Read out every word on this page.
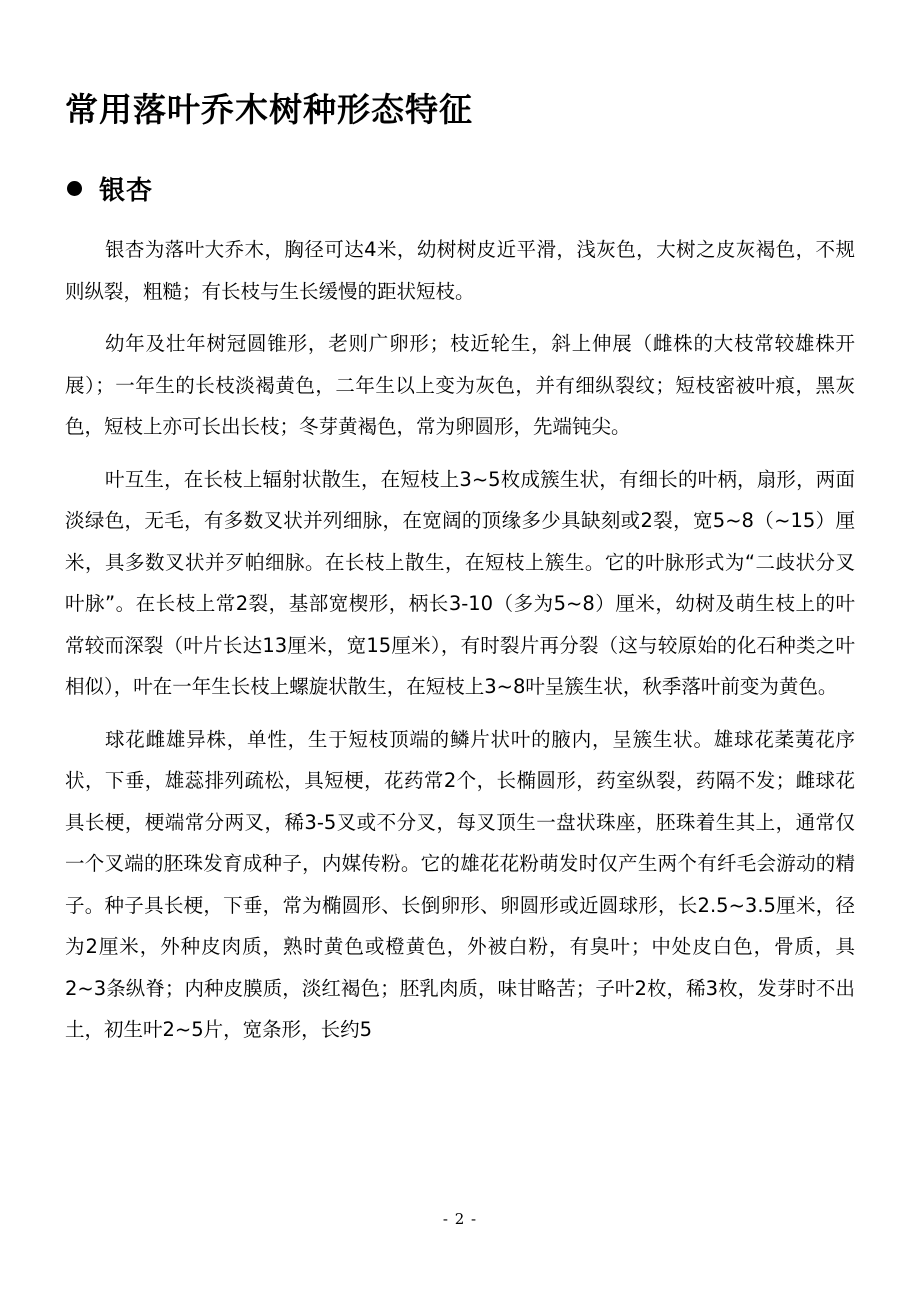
常用落叶乔木树种形态特征
银杏

银杏为落叶大乔木，胸径可达4米，幼树树皮近平滑，浅灰色，大树之皮灰褐色，不规则纵裂，粗糙；有长枝与生长缓慢的距状短枝。

幼年及壮年树冠圆锥形，老则广卵形；枝近轮生，斜上伸展（雌株的大枝常较雄株开展）；一年生的长枝淡褐黄色，二年生以上变为灰色，并有细纵裂纹；短枝密被叶痕，黑灰色，短枝上亦可长出长枝；冬芽黄褐色，常为卵圆形，先端钝尖。

叶互生，在长枝上辐射状散生，在短枝上3~5枚成簇生状，有细长的叶柄，扇形，两面淡绿色，无毛，有多数叉状并列细脉，在宽阔的顶缘多少具缺刻或2裂，宽5~8（~15）厘米，具多数叉状并歹帕细脉。在长枝上散生，在短枝上簇生。它的叶脉形式为“二歧状分叉叶脉”。在长枝上常2裂，基部宽楔形，柄长3-10（多为5~8）厘米，幼树及萌生枝上的叶常较而深裂（叶片长达13厘米，宽15厘米），有时裂片再分裂（这与较原始的化石种类之叶相似），叶在一年生长枝上螺旋状散生，在短枝上3~8叶呈簇生状，秋季落叶前变为黄色。

球花雌雄异株，单性，生于短枝顶端的鳞片状叶的腋内，呈簇生状。雄球花葇荑花序状，下垂，雄蕊排列疏松，具短梗，花药常2个，长椭圆形，药室纵裂，药隔不发；雌球花具长梗，梗端常分两叉，稀3-5叉或不分叉，每叉顶生一盘状珠座，胚珠着生其上，通常仅一个叉端的胚珠发育成种子，内媒传粉。它的雄花花粉萌发时仅产生两个有纤毛会游动的精子。种子具长梗，下垂，常为椭圆形、长倒卵形、卵圆形或近圆球形，长2.5~3.5厘米，径为2厘米，外种皮肉质，熟时黄色或橙黄色，外被白粉，有臭叶；中处皮白色，骨质，具2~3条纵脊；内种皮膜质，淡红褐色；胚乳肉质，味甘略苦；子叶2枚，稀3枚，发芽时不出土，初生叶2~5片，宽条形，长约5

- 2 -
